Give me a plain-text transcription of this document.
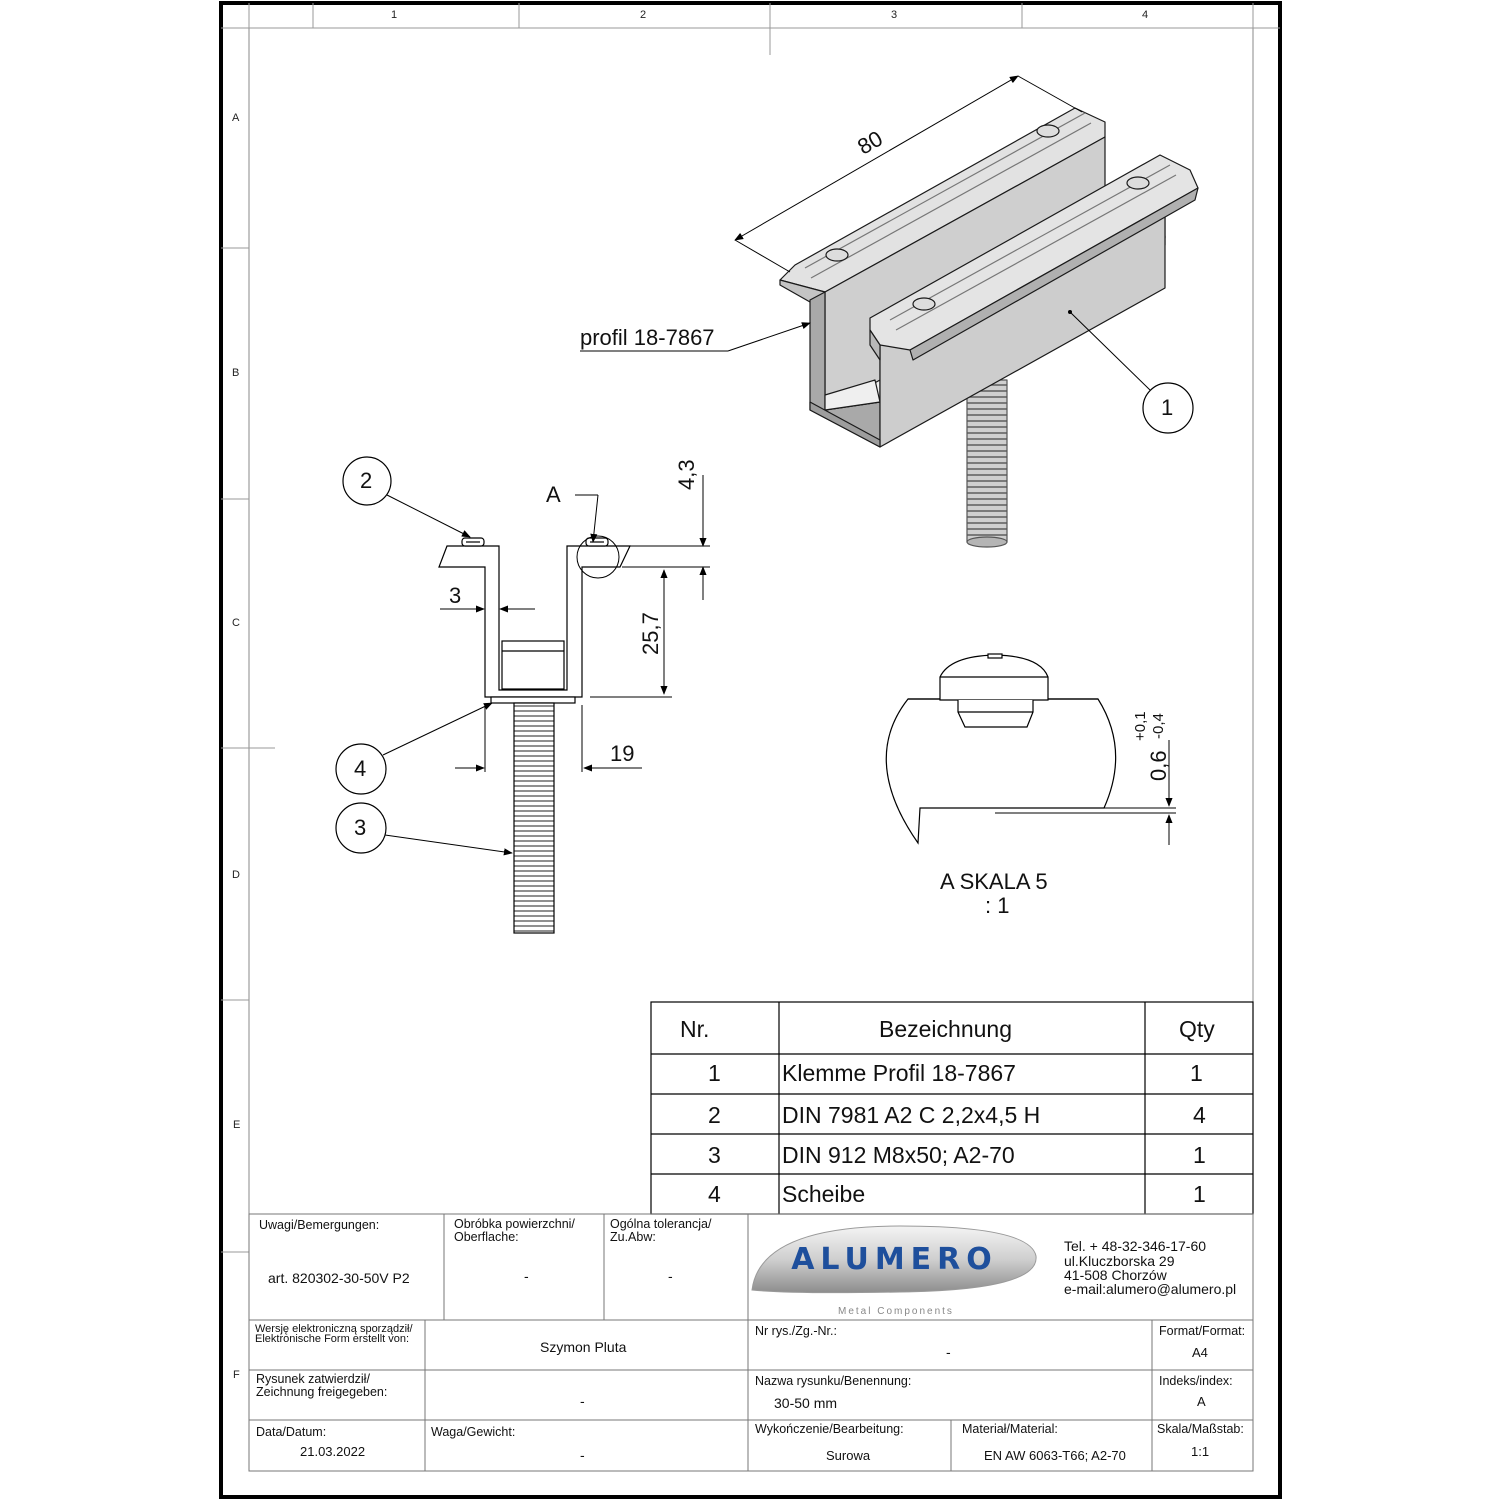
1	2	3	4
A
B
C
D
E
F
80
profil 18-7867
1
2
3
4
A
4,3
25,7
3
19	0,6
+0,1 -0,4
A SKALA 5
: 1
Nr.	Bezeichnung	Qty
1	Klemme Profil 18-7867	1
2	DIN 7981 A2 C 2,2x4,5 H	4
3	DIN 912 M8x50; A2-70	1
4	Scheibe	1
Uwagi/Bemergungen:
art. 820302-30-50V P2
Obróbka powierzchni/
Oberflache:
-
Ogólna tolerancja/
Zu.Abw:
-	ALUMERO
Metal Components
Tel. + 48-32-346-17-60
ul.Kluczborska 29
41-508 Chorzów
e-mail:alumero@alumero.pl
Wersję elektroniczną sporządził/
Elektronische Form erstellt von:	Szymon Pluta
Nr rys./Zg.-Nr.:
-
Format/Format:
A4
Rysunek zatwierdził/
Zeichnung freigegeben:
-
Nazwa rysunku/Benennung:
30-50 mm
Indeks/index:
A
Data/Datum:
21.03.2022
Waga/Gewicht:
-
Wykończenie/Bearbeitung:
Surowa
Materiał/Material:
EN AW 6063-T66; A2-70
Skala/Maßstab:
1:1
